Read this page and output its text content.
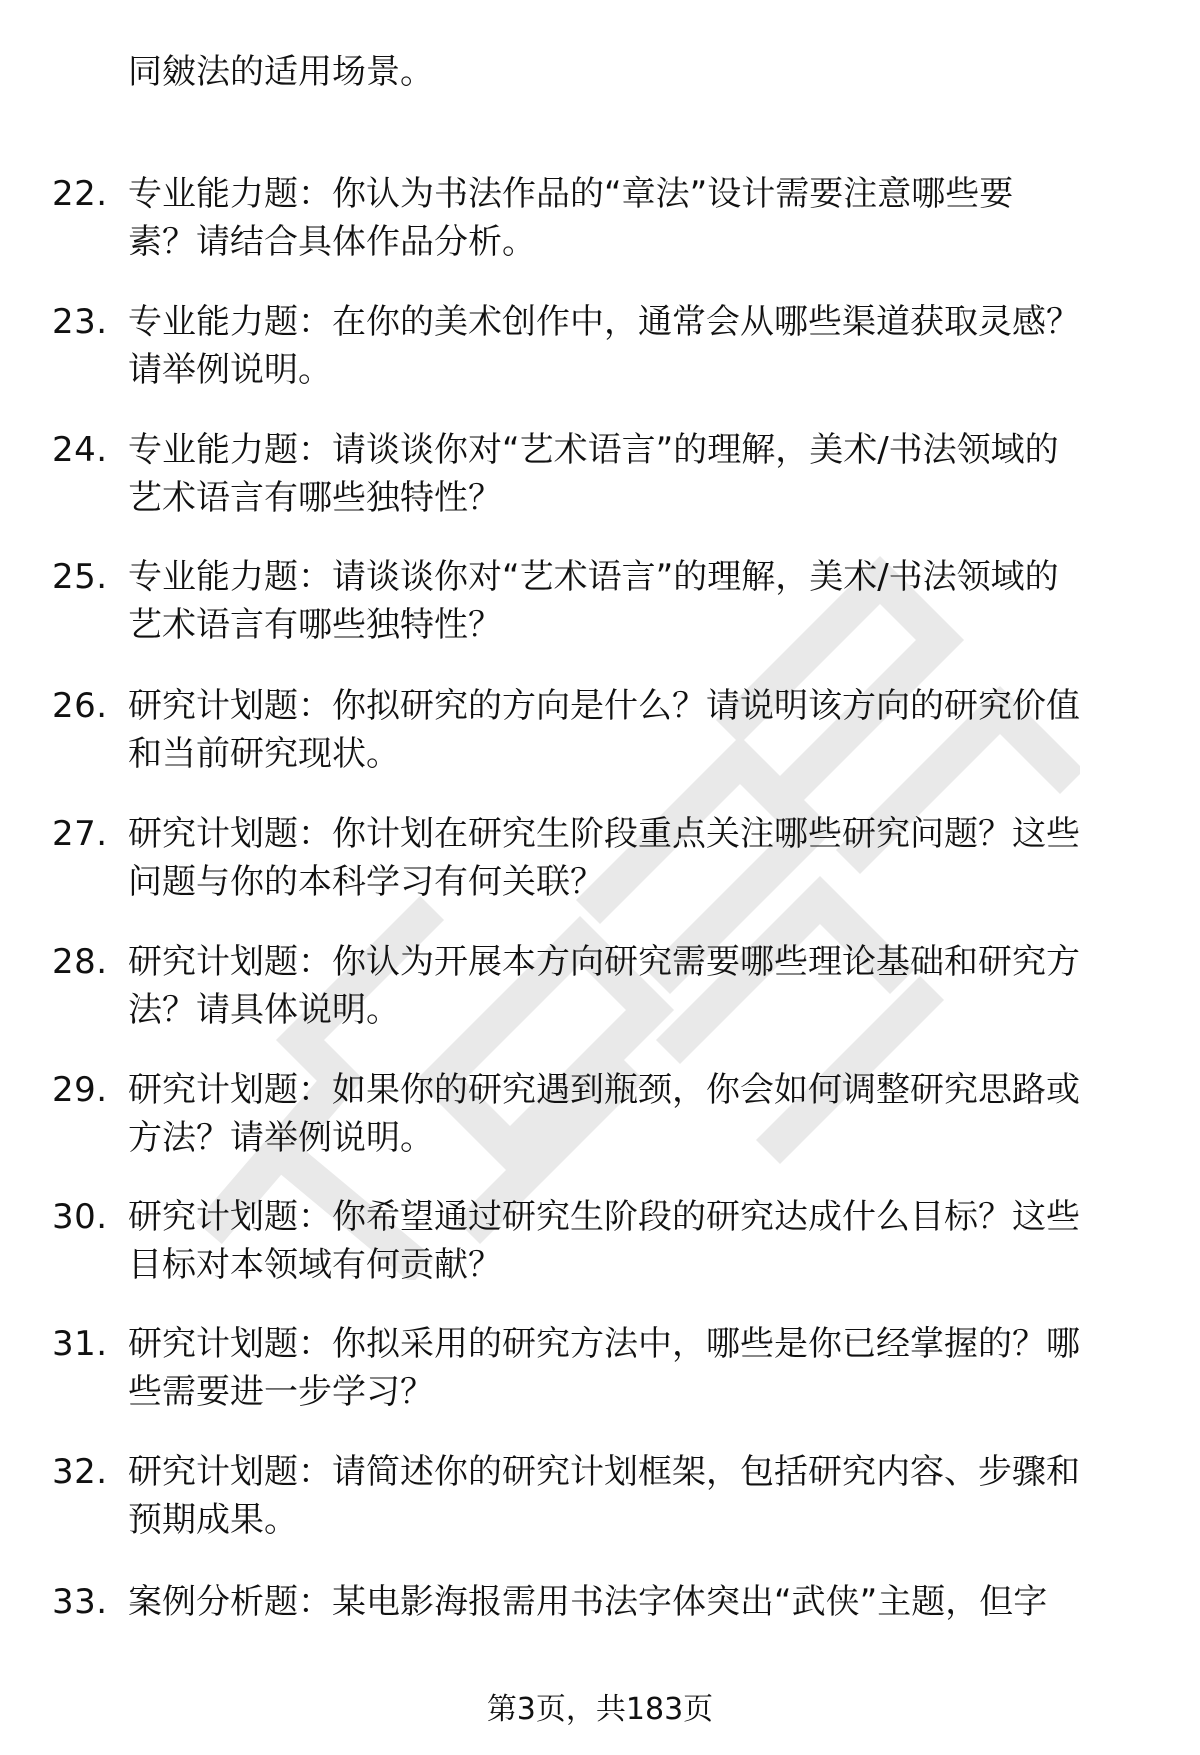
同皴法的适用场景。
22. 专业能力题：你认为书法作品的“章法”设计需要注意哪些要
素？请结合具体作品分析。
23. 专业能力题：在你的美术创作中，通常会从哪些渠道获取灵感？
请举例说明。
24. 专业能力题：请谈谈你对“艺术语言”的理解，美术/书法领域的
艺术语言有哪些独特性？
25. 专业能力题：请谈谈你对“艺术语言”的理解，美术/书法领域的
艺术语言有哪些独特性？
26. 研究计划题：你拟研究的方向是什么？请说明该方向的研究价值
和当前研究现状。
27. 研究计划题：你计划在研究生阶段重点关注哪些研究问题？这些
问题与你的本科学习有何关联？
28. 研究计划题：你认为开展本方向研究需要哪些理论基础和研究方
法？请具体说明。
29. 研究计划题：如果你的研究遇到瓶颈，你会如何调整研究思路或
方法？请举例说明。
30. 研究计划题：你希望通过研究生阶段的研究达成什么目标？这些
目标对本领域有何贡献？
31. 研究计划题：你拟采用的研究方法中，哪些是你已经掌握的？哪
些需要进一步学习？
32. 研究计划题：请简述你的研究计划框架，包括研究内容、步骤和
预期成果。
33. 案例分析题：某电影海报需用书法字体突出“武侠”主题，但字
第3页，共183页
